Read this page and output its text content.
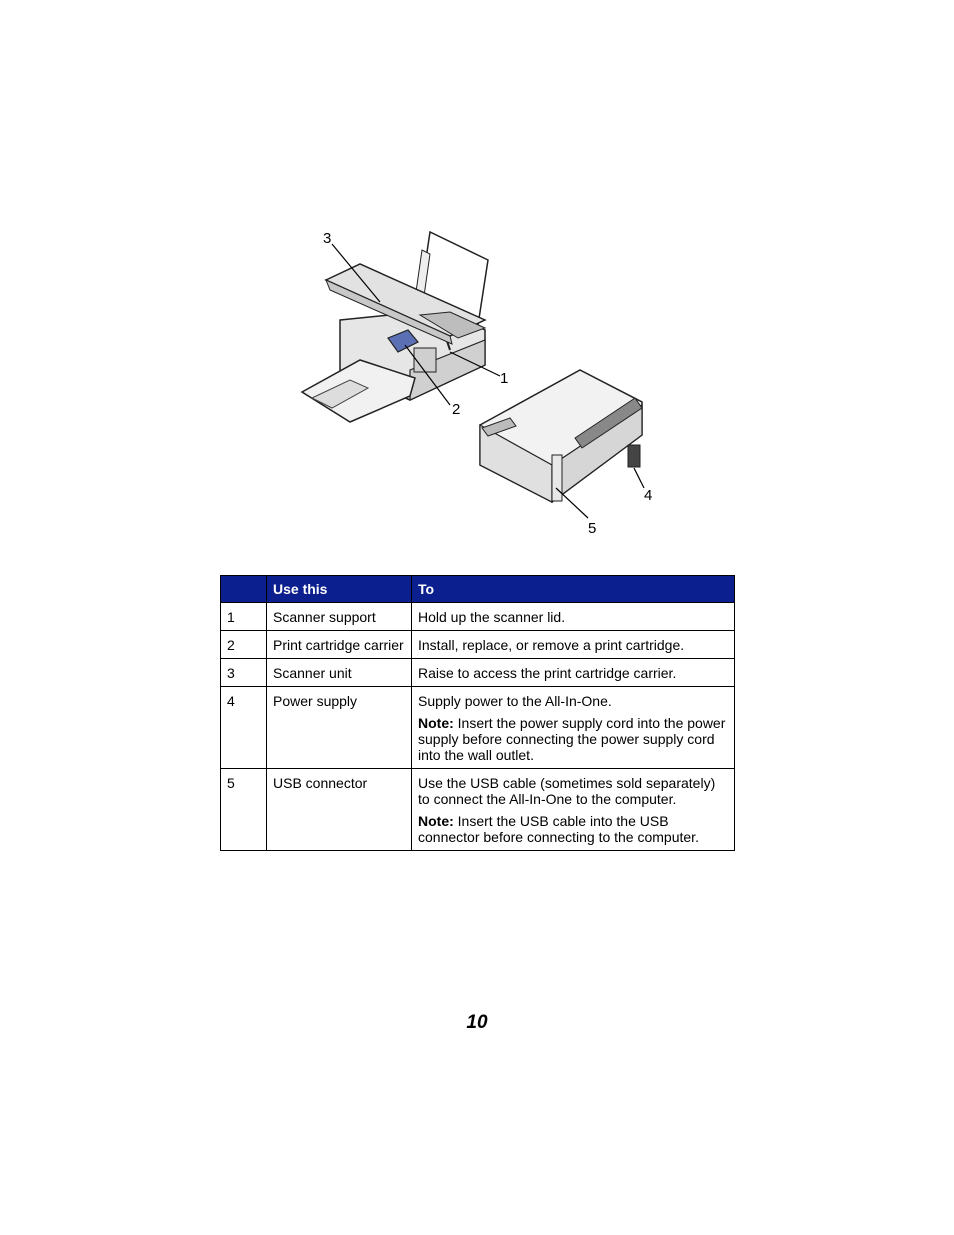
1
2
3
4
5
	Use this	To
1	Scanner support	Hold up the scanner lid.

2	Print cartridge carrier	Install, replace, or remove a print cartridge.

3	Scanner unit	Raise to access the print cartridge carrier.

4	Power supply	Supply power to the All-In-One.
Note: Insert the power supply cord into the power supply before connecting the power supply cord into the wall outlet.

5	USB connector	Use the USB cable (sometimes sold separately) to connect the All-In-One to the computer.
Note: Insert the USB cable into the USB connector before connecting to the computer.
10
